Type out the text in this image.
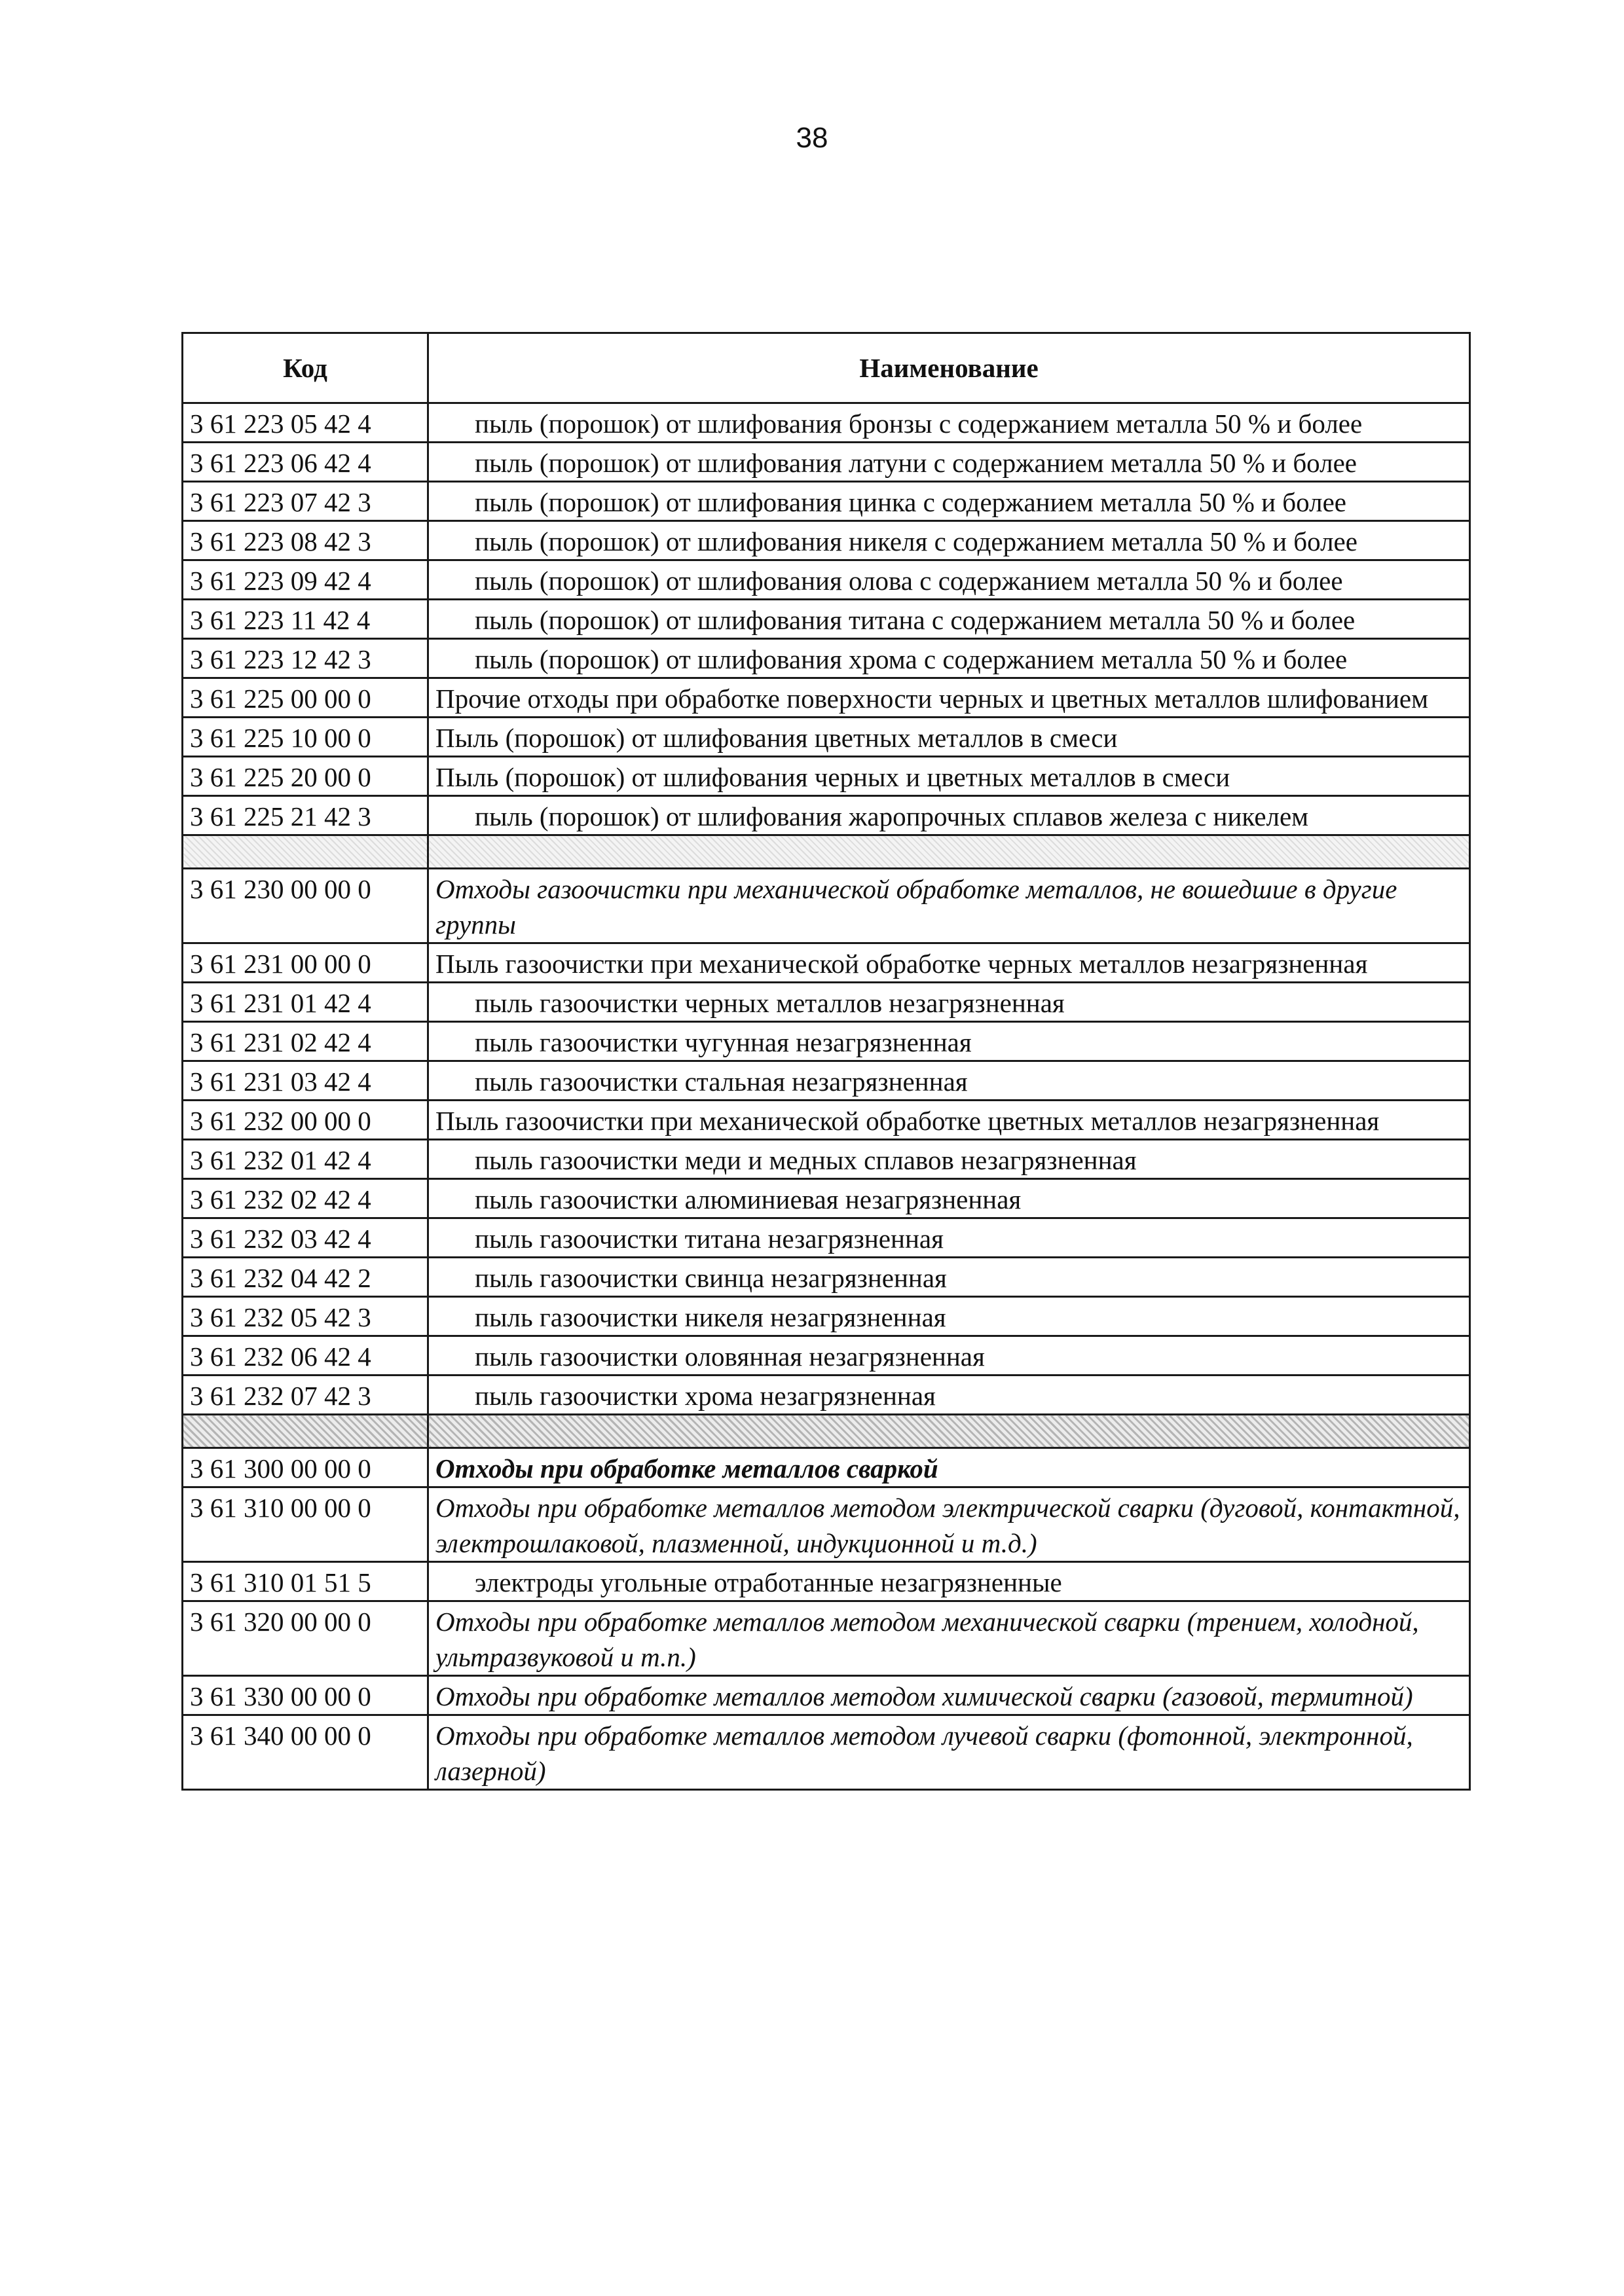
38
Код	Наименование
3 61 223 05 42 4	пыль (порошок) от шлифования бронзы с содержанием металла 50 % и более
3 61 223 06 42 4	пыль (порошок) от шлифования латуни с содержанием металла 50 % и более
3 61 223 07 42 3	пыль (порошок) от шлифования цинка с содержанием металла 50 % и более
3 61 223 08 42 3	пыль (порошок) от шлифования никеля с содержанием металла 50 % и более
3 61 223 09 42 4	пыль (порошок) от шлифования олова с содержанием металла 50 % и более
3 61 223 11 42 4	пыль (порошок) от шлифования титана с содержанием металла 50 % и более
3 61 223 12 42 3	пыль (порошок) от шлифования хрома с содержанием металла 50 % и более
3 61 225 00 00 0	Прочие отходы при обработке поверхности черных и цветных металлов шлифованием
3 61 225 10 00 0	Пыль (порошок) от шлифования цветных металлов в смеси
3 61 225 20 00 0	Пыль (порошок) от шлифования черных и цветных металлов в смеси
3 61 225 21 42 3	пыль (порошок) от шлифования жаропрочных сплавов железа с никелем

3 61 230 00 00 0	Отходы газоочистки при механической обработке металлов, не вошедшие в другие группы
3 61 231 00 00 0	Пыль газоочистки при механической обработке черных металлов незагрязненная
3 61 231 01 42 4	пыль газоочистки черных металлов незагрязненная
3 61 231 02 42 4	пыль газоочистки чугунная незагрязненная
3 61 231 03 42 4	пыль газоочистки стальная незагрязненная
3 61 232 00 00 0	Пыль газоочистки при механической обработке цветных металлов незагрязненная
3 61 232 01 42 4	пыль газоочистки меди и медных сплавов незагрязненная
3 61 232 02 42 4	пыль газоочистки алюминиевая незагрязненная
3 61 232 03 42 4	пыль газоочистки титана незагрязненная
3 61 232 04 42 2	пыль газоочистки свинца незагрязненная
3 61 232 05 42 3	пыль газоочистки никеля незагрязненная
3 61 232 06 42 4	пыль газоочистки оловянная незагрязненная
3 61 232 07 42 3	пыль газоочистки хрома незагрязненная

3 61 300 00 00 0	Отходы при обработке металлов сваркой
3 61 310 00 00 0	Отходы при обработке металлов методом электрической сварки (дуговой, контактной, электрошлаковой, плазменной, индукционной и т.д.)
3 61 310 01 51 5	электроды угольные отработанные незагрязненные
3 61 320 00 00 0	Отходы при обработке металлов методом механической сварки (трением, холодной, ультразвуковой и т.п.)
3 61 330 00 00 0	Отходы при обработке металлов методом химической сварки (газовой, термитной)
3 61 340 00 00 0	Отходы при обработке металлов методом лучевой сварки (фотонной, электронной, лазерной)
